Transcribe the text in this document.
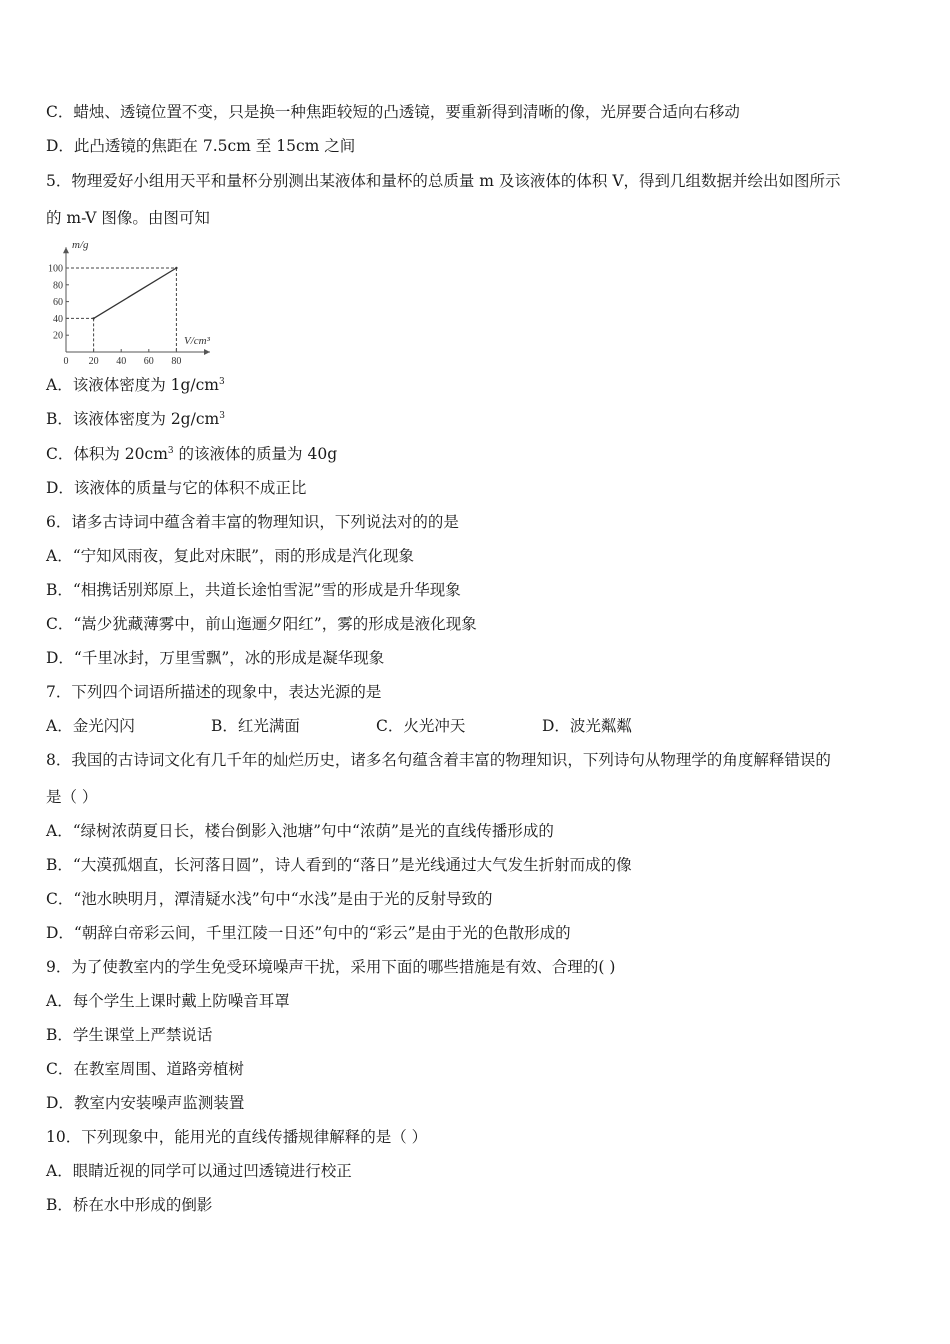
C．蜡烛、透镜位置不变，只是换一种焦距较短的凸透镜，要重新得到清晰的像，光屏要合适向右移动
D．此凸透镜的焦距在 7.5cm 至 15cm 之间
5．物理爱好小组用天平和量杯分别测出某液体和量杯的总质量 m 及该液体的体积 V，得到几组数据并绘出如图所示
的 m-V 图像。由图可知
m/g
V/cm³
0 20 40 60 80
20
40
60
80
100
A．该液体密度为 $1g/cm^3$
B．该液体密度为 $2g/cm^3$
C．体积为 $20cm^3$ 的该液体的质量为 40g
D．该液体的质量与它的体积不成正比
6．诸多古诗词中蕴含着丰富的物理知识，下列说法对的的是
A．“宁知风雨夜，复此对床眠”，雨的形成是汽化现象
B．“相携话别郑原上，共道长途怕雪泥”雪的形成是升华现象
C．“嵩少犹藏薄雾中，前山迤逦夕阳红”，雾的形成是液化现象
D．“千里冰封，万里雪飘”，冰的形成是凝华现象
7．下列四个词语所描述的现象中，表达光源的是
A．金光闪闪	B．红光满面	C．火光冲天	D．波光粼粼
8．我国的古诗词文化有几千年的灿烂历史，诸多名句蕴含着丰富的物理知识，下列诗句从物理学的角度解释错误的
是（ ）
A．“绿树浓荫夏日长，楼台倒影入池塘”句中“浓荫”是光的直线传播形成的
B．“大漠孤烟直，长河落日圆”，诗人看到的“落日”是光线通过大气发生折射而成的像
C．“池水映明月，潭清疑水浅”句中“水浅”是由于光的反射导致的
D．“朝辞白帝彩云间，千里江陵一日还”句中的“彩云”是由于光的色散形成的
9．为了使教室内的学生免受环境噪声干扰，采用下面的哪些措施是有效、合理的( )
A．每个学生上课时戴上防噪音耳罩
B．学生课堂上严禁说话
C．在教室周围、道路旁植树
D．教室内安装噪声监测装置
10．下列现象中，能用光的直线传播规律解释的是（ ）
A．眼睛近视的同学可以通过凹透镜进行校正
B．桥在水中形成的倒影
